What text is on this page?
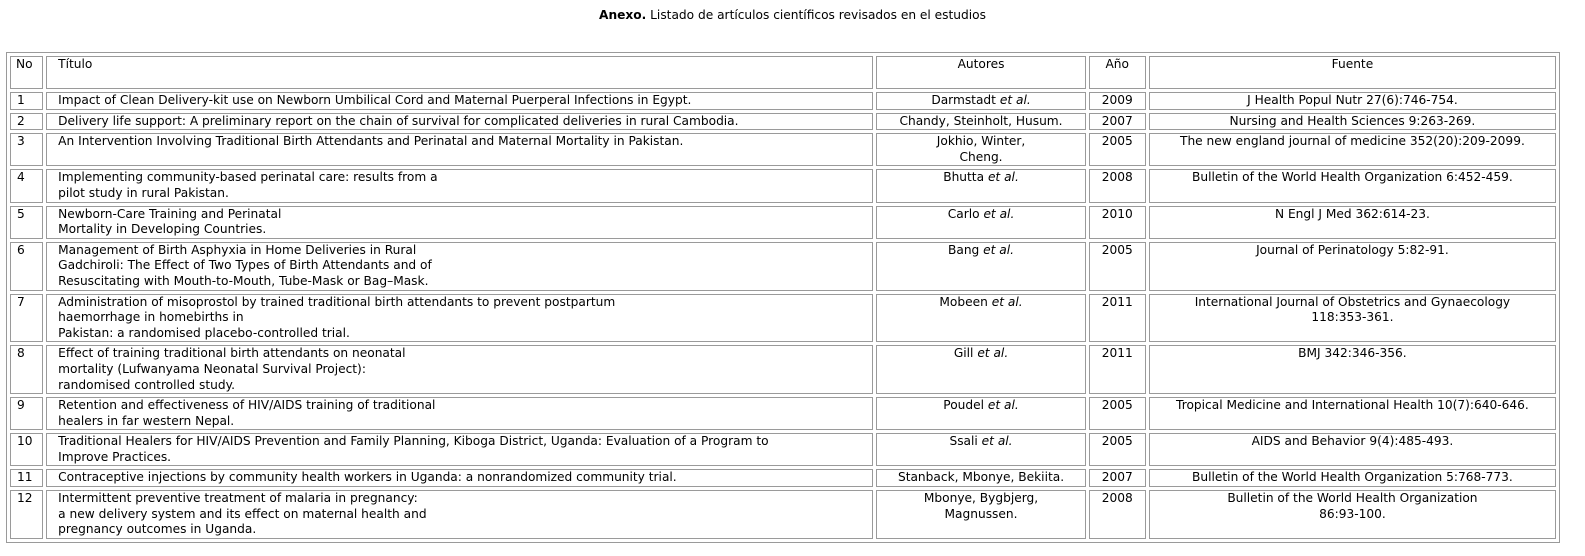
Anexo. Listado de artículos científicos revisados en el estudios
No	Título	Autores	Año	Fuente
1	Impact of Clean Delivery-kit use on Newborn Umbilical Cord and Maternal Puerperal Infections in Egypt.	Darmstadt et al.	2009	J Health Popul Nutr 27(6):746-754.
2	Delivery life support: A preliminary report on the chain of survival for complicated deliveries in rural Cambodia.	Chandy, Steinholt, Husum.	2007	Nursing and Health Sciences 9:263-269.
3	An Intervention Involving Traditional Birth Attendants and Perinatal and Maternal Mortality in Pakistan.	Jokhio, Winter,
Cheng.	2005	The new england journal of medicine 352(20):209-2099.
4	Implementing community-based perinatal care: results from a
pilot study in rural Pakistan.	Bhutta et al.	2008	Bulletin of the World Health Organization 6:452-459.
5	Newborn-Care Training and Perinatal
Mortality in Developing Countries.	Carlo et al.	2010	N Engl J Med 362:614-23.
6	Management of Birth Asphyxia in Home Deliveries in Rural
Gadchiroli: The Effect of Two Types of Birth Attendants and of
Resuscitating with Mouth-to-Mouth, Tube-Mask or Bag–Mask.	Bang et al.	2005	Journal of Perinatology 5:82-91.
7	Administration of misoprostol by trained traditional birth attendants to prevent postpartum
haemorrhage in homebirths in
Pakistan: a randomised placebo-controlled trial.	Mobeen et al.	2011	International Journal of Obstetrics and Gynaecology
118:353-361.
8	Effect of training traditional birth attendants on neonatal
mortality (Lufwanyama Neonatal Survival Project):
randomised controlled study.	Gill et al.	2011	BMJ 342:346-356.
9	Retention and effectiveness of HIV/AIDS training of traditional
healers in far western Nepal.	Poudel et al.	2005	Tropical Medicine and International Health 10(7):640-646.
10	Traditional Healers for HIV/AIDS Prevention and Family Planning, Kiboga District, Uganda: Evaluation of a Program to
Improve Practices.	Ssali et al.	2005	AIDS and Behavior 9(4):485-493.
11	Contraceptive injections by community health workers in Uganda: a nonrandomized community trial.	Stanback, Mbonye, Bekiita.	2007	Bulletin of the World Health Organization 5:768-773.
12	Intermittent preventive treatment of malaria in pregnancy:
a new delivery system and its effect on maternal health and
pregnancy outcomes in Uganda.	Mbonye, Bygbjerg,
Magnussen.	2008	Bulletin of the World Health Organization
86:93-100.
